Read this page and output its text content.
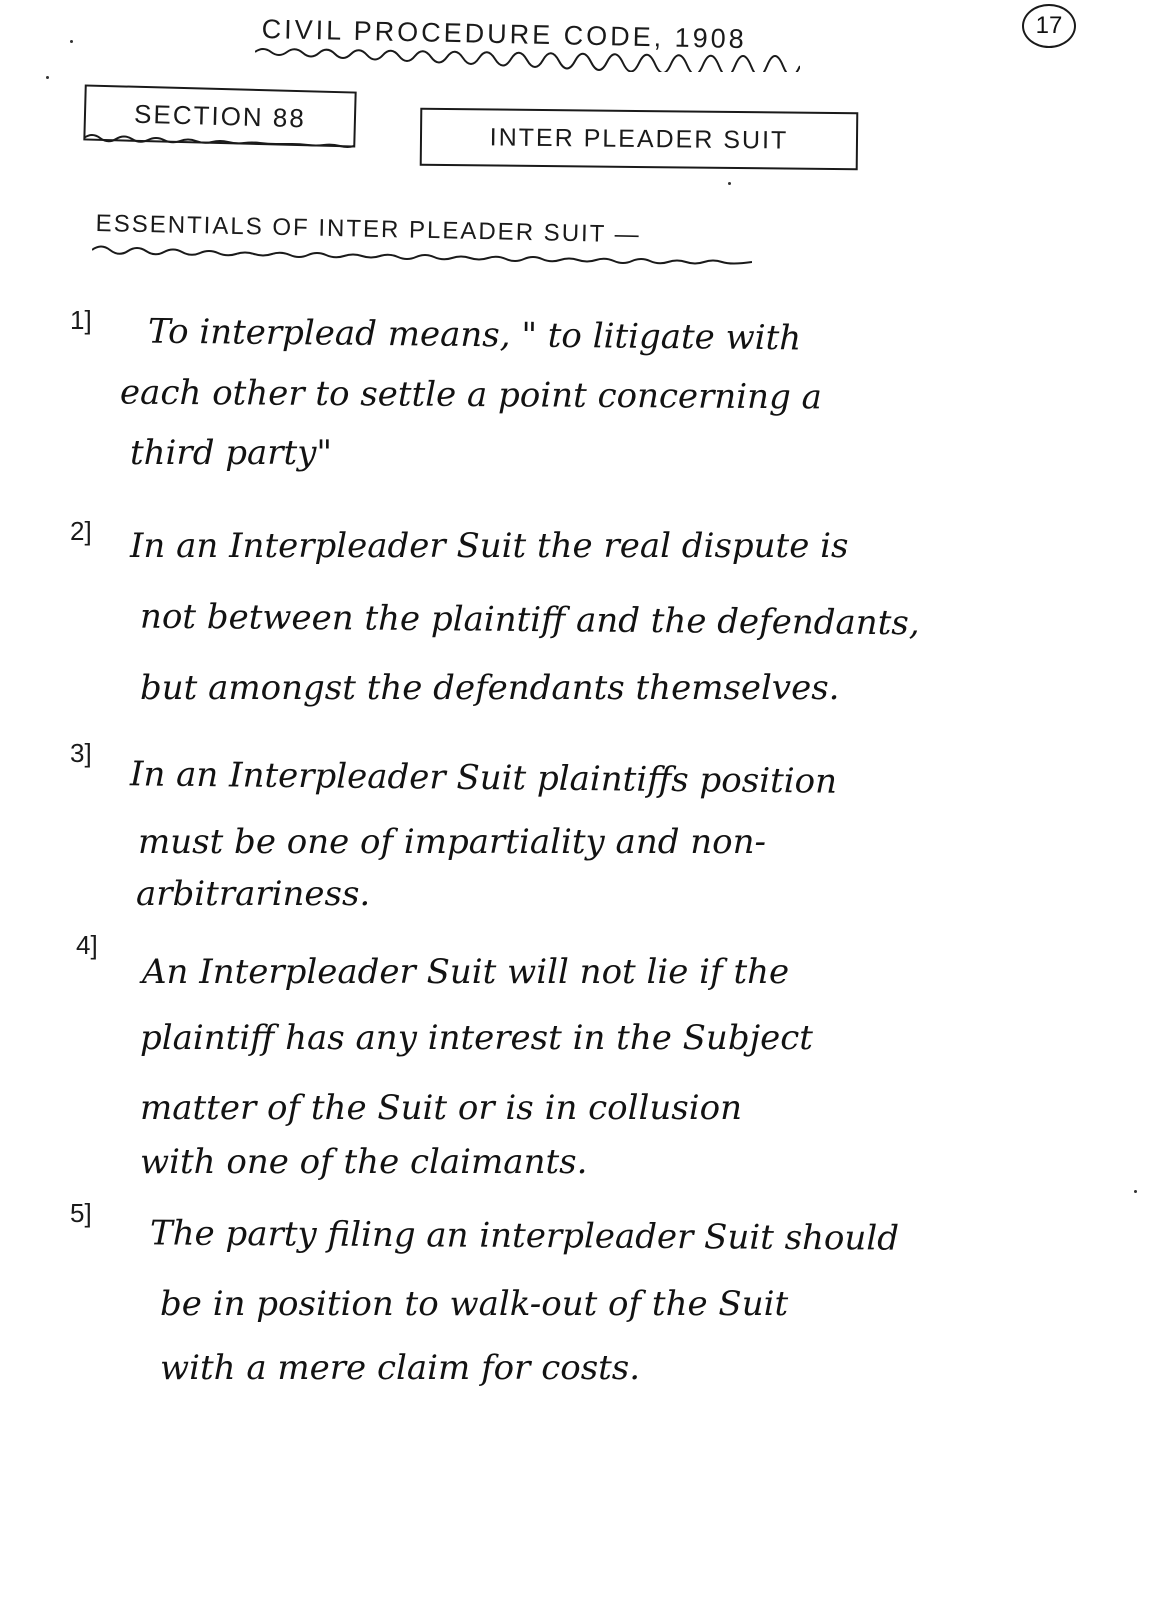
CIVIL PROCEDURE CODE, 1908	17
SECTION 88
INTER PLEADER SUIT
ESSENTIALS OF INTER PLEADER SUIT —
1] To interplead means, " to litigate with
each other to settle a point concerning a
third party"
2] In an Interpleader Suit the real dispute is
not between the plaintiff and the defendants,
but amongst the defendants themselves.
3]
In an Interpleader Suit plaintiffs position
must be one of impartiality and non-
arbitrariness.
4]
An Interpleader Suit will not lie if the
plaintiff has any interest in the Subject
matter of the Suit or is in collusion
with one of the claimants.
5]
The party filing an interpleader Suit should
be in position to walk-out of the Suit
with a mere claim for costs.
